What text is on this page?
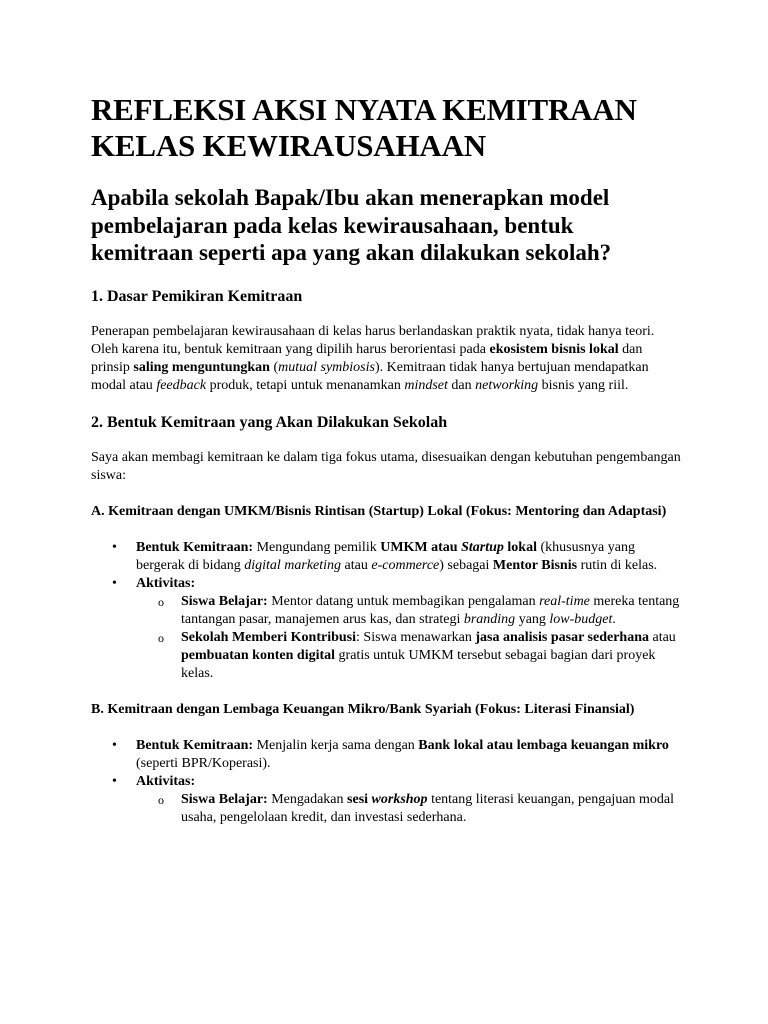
REFLEKSI AKSI NYATA KEMITRAAN KELAS KEWIRAUSAHAAN
Apabila sekolah Bapak/Ibu akan menerapkan model pembelajaran pada kelas kewirausahaan, bentuk kemitraan seperti apa yang akan dilakukan sekolah?
1. Dasar Pemikiran Kemitraan

Penerapan pembelajaran kewirausahaan di kelas harus berlandaskan praktik nyata, tidak hanya teori. Oleh karena itu, bentuk kemitraan yang dipilih harus berorientasi pada ekosistem bisnis lokal dan prinsip saling menguntungkan (mutual symbiosis). Kemitraan tidak hanya bertujuan mendapatkan modal atau feedback produk, tetapi untuk menanamkan mindset dan networking bisnis yang riil.

2. Bentuk Kemitraan yang Akan Dilakukan Sekolah

Saya akan membagi kemitraan ke dalam tiga fokus utama, disesuaikan dengan kebutuhan pengembangan siswa:

A. Kemitraan dengan UMKM/Bisnis Rintisan (Startup) Lokal (Fokus: Mentoring dan Adaptasi)

• Bentuk Kemitraan: Mengundang pemilik UMKM atau Startup lokal (khususnya yang bergerak di bidang digital marketing atau e-commerce) sebagai Mentor Bisnis rutin di kelas.
• Aktivitas:
o Siswa Belajar: Mentor datang untuk membagikan pengalaman real-time mereka tentang tantangan pasar, manajemen arus kas, dan strategi branding yang low-budget.
o Sekolah Memberi Kontribusi: Siswa menawarkan jasa analisis pasar sederhana atau pembuatan konten digital gratis untuk UMKM tersebut sebagai bagian dari proyek kelas.

B. Kemitraan dengan Lembaga Keuangan Mikro/Bank Syariah (Fokus: Literasi Finansial)

• Bentuk Kemitraan: Menjalin kerja sama dengan Bank lokal atau lembaga keuangan mikro (seperti BPR/Koperasi).
• Aktivitas:
o Siswa Belajar: Mengadakan sesi workshop tentang literasi keuangan, pengajuan modal usaha, pengelolaan kredit, dan investasi sederhana.
